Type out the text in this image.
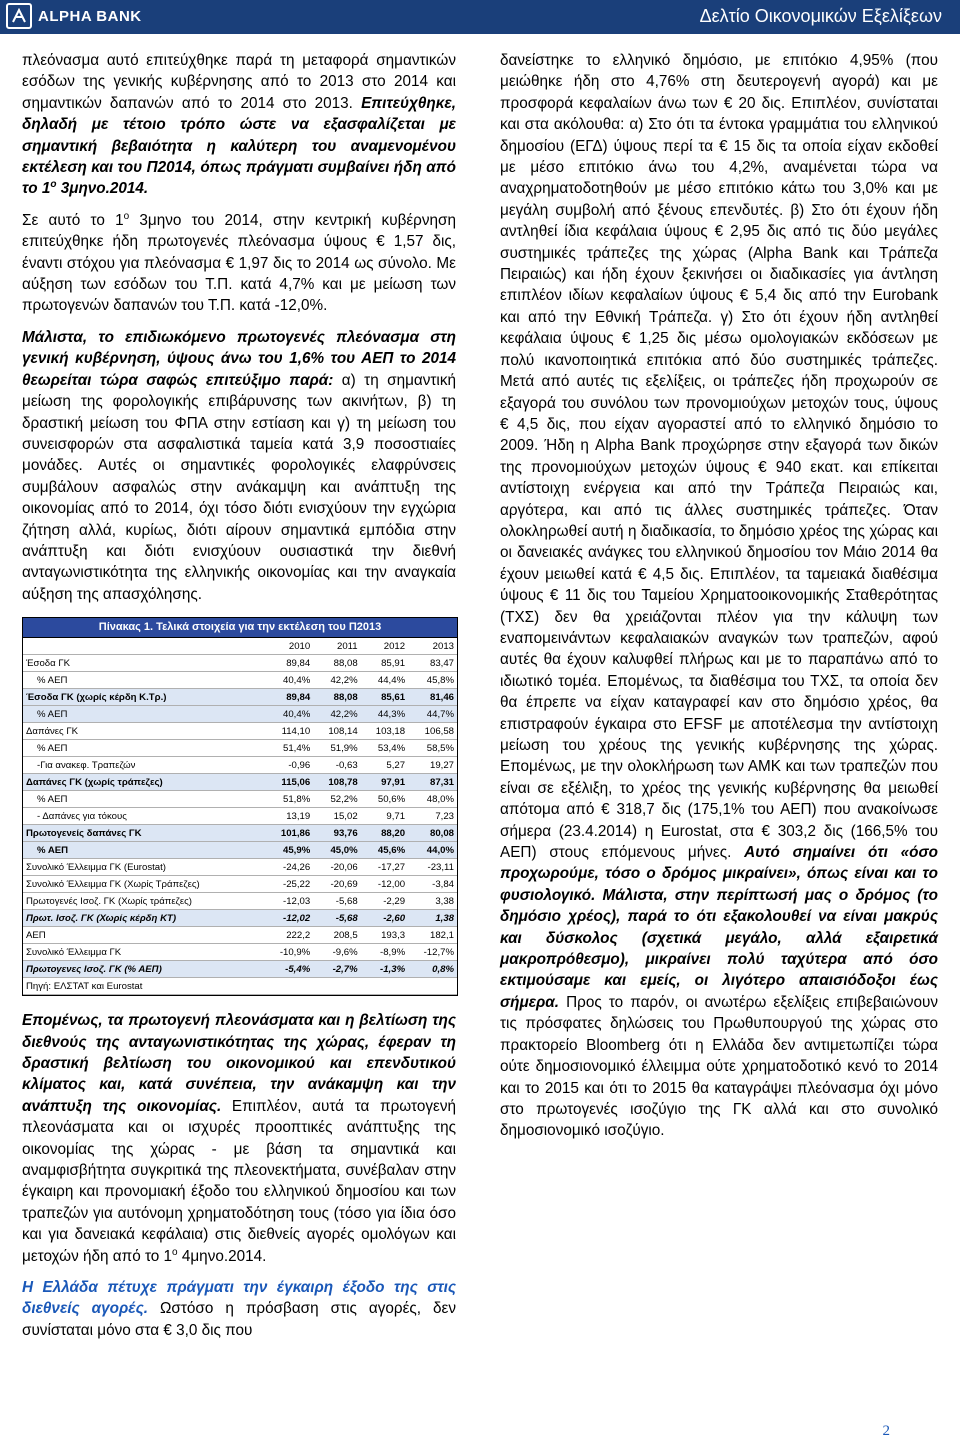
ALPHA BANK	Δελτίο Οικονομικών Εξελίξεων

πλεόνασμα αυτό επιτεύχθηκε παρά τη μεταφορά σημαντικών εσόδων της γενικής κυβέρνησης από το 2013 στο 2014 και σημαντικών δαπανών από το 2014 στο 2013. Επιτεύχθηκε, δηλαδή με τέτοιο τρόπο ώστε να εξασφαλίζεται με σημαντική βεβαιότητα η καλύτερη του αναμενομένου εκτέλεση και του Π2014, όπως πράγματι συμβαίνει ήδη από το $1^o$ 3μηνο.2014.

Σε αυτό το $1^o$ 3μηνο του 2014, στην κεντρική κυβέρνηση επιτεύχθηκε ήδη πρωτογενές πλεόνασμα ύψους € 1,57 δις, έναντι στόχου για πλεόνασμα € 1,97 δις το 2014 ως σύνολο. Με αύξηση των εσόδων του Τ.Π. κατά 4,7% και με μείωση των πρωτογενών δαπανών του Τ.Π. κατά -12,0%.

Μάλιστα, το επιδιωκόμενο πρωτογενές πλεόνασμα στη γενική κυβέρνηση, ύψους άνω του 1,6% του ΑΕΠ το 2014 θεωρείται τώρα σαφώς επιτεύξιμο παρά: α) τη σημαντική μείωση της φορολογικής επιβάρυνσης των ακινήτων, β) τη δραστική μείωση του ΦΠΑ στην εστίαση και γ) τη μείωση του συνεισφορών στα ασφαλιστικά ταμεία κατά 3,9 ποσοστιαίες μονάδες. Αυτές οι σημαντικές φορολογικές ελαφρύνσεις συμβάλουν ασφαλώς στην ανάκαμψη και ανάπτυξη της οικονομίας από το 2014, όχι τόσο διότι ενισχύουν την εγχώρια ζήτηση αλλά, κυρίως, διότι αίρουν σημαντικά εμπόδια στην ανάπτυξη και διότι ενισχύουν ουσιαστικά την διεθνή ανταγωνιστικότητα της ελληνικής οικονομίας και την αναγκαία αύξηση της απασχόλησης.

Πίνακας 1. Τελικά στοιχεία για την εκτέλεση του Π2013				
	2010	2011	2012	2013
Έσοδα ΓΚ	89,84	88,08	85,91	83,47
% ΑΕΠ	40,4%	42,2%	44,4%	45,8%
Έσοδα ΓΚ (χωρίς κέρδη Κ.Τρ.)	89,84	88,08	85,61	81,46
% ΑΕΠ	40,4%	42,2%	44,3%	44,7%
Δαπάνες ΓΚ	114,10	108,14	103,18	106,58
% ΑΕΠ	51,4%	51,9%	53,4%	58,5%
-Για ανακεφ. Τραπεζών	-0,96	-0,63	5,27	19,27
Δαπάνες ΓΚ (χωρίς τράπεζες)	115,06	108,78	97,91	87,31
% ΑΕΠ	51,8%	52,2%	50,6%	48,0%
- Δαπάνες για τόκους	13,19	15,02	9,71	7,23
Πρωτογενείς δαπάνες ΓΚ	101,86	93,76	88,20	80,08
% ΑΕΠ	45,9%	45,0%	45,6%	44,0%
Συνολικό Έλλειμμα ΓΚ (Eurostat)	-24,26	-20,06	-17,27	-23,11
Συνολικό Έλλειμμα ΓΚ (Χωρίς Τράπεζες)	-25,22	-20,69	-12,00	-3,84
Πρωτογενές Ισοζ. ΓΚ (Χωρίς τράπεζες)	-12,03	-5,68	-2,29	3,38
Πρωτ. Ισοζ. ΓΚ (Χωρίς κέρδη ΚΤ)	-12,02	-5,68	-2,60	1,38
ΑΕΠ	222,2	208,5	193,3	182,1
Συνολικό Έλλειμμα ΓΚ	-10,9%	-9,6%	-8,9%	-12,7%
Πρωτογενες Ισοζ. ΓΚ (% ΑΕΠ)	-5,4%	-2,7%	-1,3%	0,8%
Πηγή: ΕΛΣΤΑΤ και Eurostat				

Επομένως, τα πρωτογενή πλεονάσματα και η βελτίωση της διεθνούς της ανταγωνιστικότητας της χώρας, έφεραν τη δραστική βελτίωση του οικονομικού και επενδυτικού κλίματος και, κατά συνέπεια, την ανάκαμψη και την ανάπτυξη της οικονομίας. Επιπλέον, αυτά τα πρωτογενή πλεονάσματα και οι ισχυρές προοπτικές ανάπτυξης της οικονομίας της χώρας - με βάση τα σημαντικά και αναμφισβήτητα συγκριτικά της πλεονεκτήματα, συνέβαλαν στην έγκαιρη και προνομιακή έξοδο του ελληνικού δημοσίου και των τραπεζών για αυτόνομη χρηματοδότηση τους (τόσο για ίδια όσο και για δανειακά κεφάλαια) στις διεθνείς αγορές ομολόγων και μετοχών ήδη από το $1^o$ 4μηνο.2014.

Η Ελλάδα πέτυχε πράγματι την έγκαιρη έξοδο της στις διεθνείς αγορές. Ωστόσο η πρόσβαση στις αγορές, δεν συνίσταται μόνο στα € 3,0 δις που

δανείστηκε το ελληνικό δημόσιο, με επιτόκιο 4,95% (που μειώθηκε ήδη στο 4,76% στη δευτερογενή αγορά) και με προσφορά κεφαλαίων άνω των € 20 δις. Επιπλέον, συνίσταται και στα ακόλουθα: α) Στο ότι τα έντοκα γραμμάτια του ελληνικού δημοσίου (ΕΓΔ) ύψους περί τα € 15 δις τα οποία είχαν εκδοθεί με μέσο επιτόκιο άνω του 4,2%, αναμένεται τώρα να αναχρηματοδοτηθούν με μέσο επιτόκιο κάτω του 3,0% και με μεγάλη συμβολή από ξένους επενδυτές. β) Στο ότι έχουν ήδη αντληθεί ίδια κεφάλαια ύψους € 2,95 δις από τις δύο μεγάλες συστημικές τράπεζες της χώρας (Alpha Bank και Τράπεζα Πειραιώς) και ήδη έχουν ξεκινήσει οι διαδικασίες για άντληση επιπλέον ιδίων κεφαλαίων ύψους € 5,4 δις από την Eurobank και από την Εθνική Τράπεζα. γ) Στο ότι έχουν ήδη αντληθεί κεφάλαια ύψους € 1,25 δις μέσω ομολογιακών εκδόσεων με πολύ ικανοποιητικά επιτόκια από δύο συστημικές τράπεζες. Μετά από αυτές τις εξελίξεις, οι τράπεζες ήδη προχωρούν σε εξαγορά του συνόλου των προνομιούχων μετοχών τους, ύψους € 4,5 δις, που είχαν αγοραστεί από το ελληνικό δημόσιο το 2009. Ήδη η Alpha Bank προχώρησε στην εξαγορά των δικών της προνομιούχων μετοχών ύψους € 940 εκατ. και επίκειται αντίστοιχη ενέργεια και από την Τράπεζα Πειραιώς και, αργότερα, και από τις άλλες συστημικές τράπεζες. Όταν ολοκληρωθεί αυτή η διαδικασία, το δημόσιο χρέος της χώρας και οι δανειακές ανάγκες του ελληνικού δημοσίου τον Μάιο 2014 θα έχουν μειωθεί κατά € 4,5 δις. Επιπλέον, τα ταμειακά διαθέσιμα ύψους € 11 δις του Ταμείου Χρηματοοικονομικής Σταθερότητας (ΤΧΣ) δεν θα χρειάζονται πλέον για την κάλυψη των εναπομεινάντων κεφαλαιακών αναγκών των τραπεζών, αφού αυτές θα έχουν καλυφθεί πλήρως και με το παραπάνω από το ιδιωτικό τομέα. Επομένως, τα διαθέσιμα του ΤΧΣ, τα οποία δεν θα έπρεπε να είχαν καταγραφεί καν στο δημόσιο χρέος, θα επιστραφούν έγκαιρα στο EFSF με αποτέλεσμα την αντίστοιχη μείωση του χρέους της γενικής κυβέρνησης της χώρας. Επομένως, με την ολοκλήρωση των ΑΜΚ και των τραπεζών που είναι σε εξέλιξη, το χρέος της γενικής κυβέρνησης θα μειωθεί απότομα από € 318,7 δις (175,1% του ΑΕΠ) που ανακοίνωσε σήμερα (23.4.2014) η Eurostat, στα € 303,2 δις (166,5% του ΑΕΠ) στους επόμενους μήνες. Αυτό σημαίνει ότι «όσο προχωρούμε, τόσο ο δρόμος μικραίνει», όπως είναι και το φυσιολογικό. Μάλιστα, στην περίπτωσή μας ο δρόμος (το δημόσιο χρέος), παρά το ότι εξακολουθεί να είναι μακρύς και δύσκολος (σχετικά μεγάλο, αλλά εξαιρετικά μακροπρόθεσμο), μικραίνει πολύ ταχύτερα από όσο εκτιμούσαμε και εμείς, οι λιγότερο απαισιόδοξοι έως σήμερα. Προς το παρόν, οι ανωτέρω εξελίξεις επιβεβαιώνουν τις πρόσφατες δηλώσεις του Πρωθυπουργού της χώρας στο πρακτορείο Bloomberg ότι η Ελλάδα δεν αντιμετωπίζει τώρα ούτε δημοσιονομικό έλλειμμα ούτε χρηματοδοτικό κενό το 2014 και το 2015 και ότι το 2015 θα καταγράψει πλεόνασμα όχι μόνο στο πρωτογενές ισοζύγιο της ΓΚ αλλά και στο συνολικό δημοσιονομικό ισοζύγιο.

2
